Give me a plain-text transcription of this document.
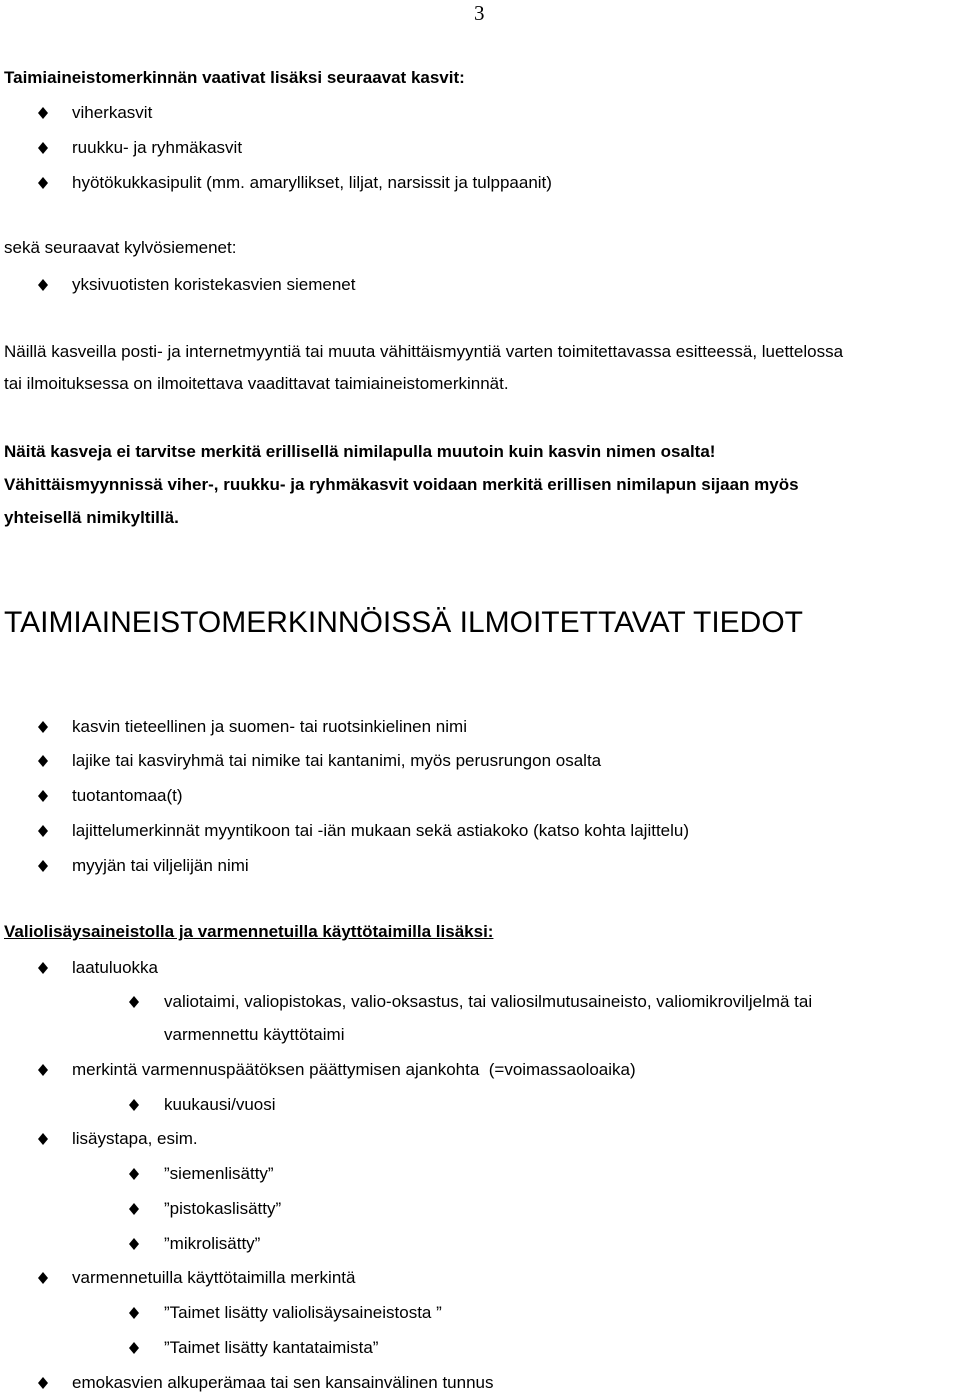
3
Taimiaineistomerkinnän vaativat lisäksi seuraavat kasvit:
viherkasvit
ruukku- ja ryhmäkasvit
hyötökukkasipulit (mm. amaryllikset, liljat, narsissit ja tulppaanit)
sekä seuraavat kylvösiemenet:
yksivuotisten koristekasvien siemenet
Näillä kasveilla posti- ja internetmyyntiä tai muuta vähittäismyyntiä varten toimitettavassa esitteessä, luettelossa
tai ilmoituksessa on ilmoitettava vaadittavat taimiaineistomerkinnät.
Näitä kasveja ei tarvitse merkitä erillisellä nimilapulla muutoin kuin kasvin nimen osalta!
Vähittäismyynnissä viher-, ruukku- ja ryhmäkasvit voidaan merkitä erillisen nimilapun sijaan myös
yhteisellä nimikyltillä.
TAIMIAINEISTOMERKINNÖISSÄ ILMOITETTAVAT TIEDOT
kasvin tieteellinen ja suomen- tai ruotsinkielinen nimi
lajike tai kasviryhmä tai nimike tai kantanimi, myös perusrungon osalta
tuotantomaa(t)
lajittelumerkinnät myyntikoon tai -iän mukaan sekä astiakoko (katso kohta lajittelu)
myyjän tai viljelijän nimi
Valiolisäysaineistolla ja varmennetuilla käyttötaimilla lisäksi:
laatuluokka
valiotaimi, valiopistokas, valio-oksastus, tai valiosilmutusaineisto, valiomikroviljelmä tai
varmennettu käyttötaimi
merkintä varmennuspäätöksen päättymisen ajankohta  (=voimassaoloaika)
kuukausi/vuosi
lisäystapa, esim.
”siemenlisätty”
”pistokaslisätty”
”mikrolisätty”
varmennetuilla käyttötaimilla merkintä
”Taimet lisätty valiolisäysaineistosta ”
”Taimet lisätty kantataimista”
emokasvien alkuperämaa tai sen kansainvälinen tunnus
